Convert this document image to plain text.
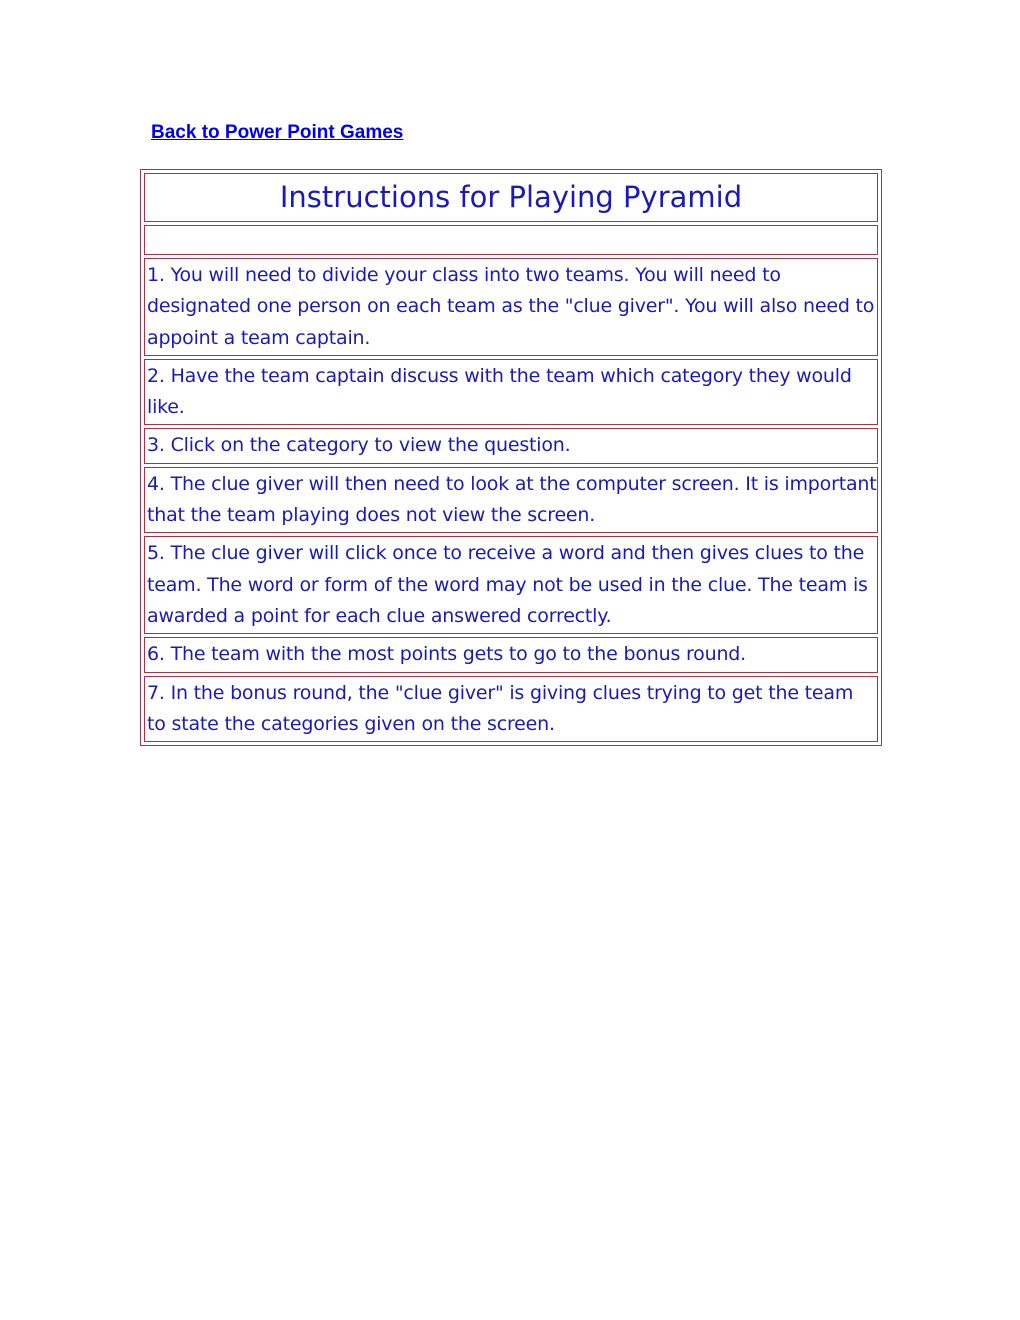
Back to Power Point Games
Instructions for Playing Pyramid
1. You will need to divide your class into two teams. You will need to designated one person on each team as the "clue giver". You will also need to appoint a team captain.
2. Have the team captain discuss with the team which category they would like.
3. Click on the category to view the question.
4. The clue giver will then need to look at the computer screen. It is important that the team playing does not view the screen.
5. The clue giver will click once to receive a word and then gives clues to the team. The word or form of the word may not be used in the clue. The team is awarded a point for each clue answered correctly.
6. The team with the most points gets to go to the bonus round.
7. In the bonus round, the "clue giver" is giving clues trying to get the team to state the categories given on the screen.
